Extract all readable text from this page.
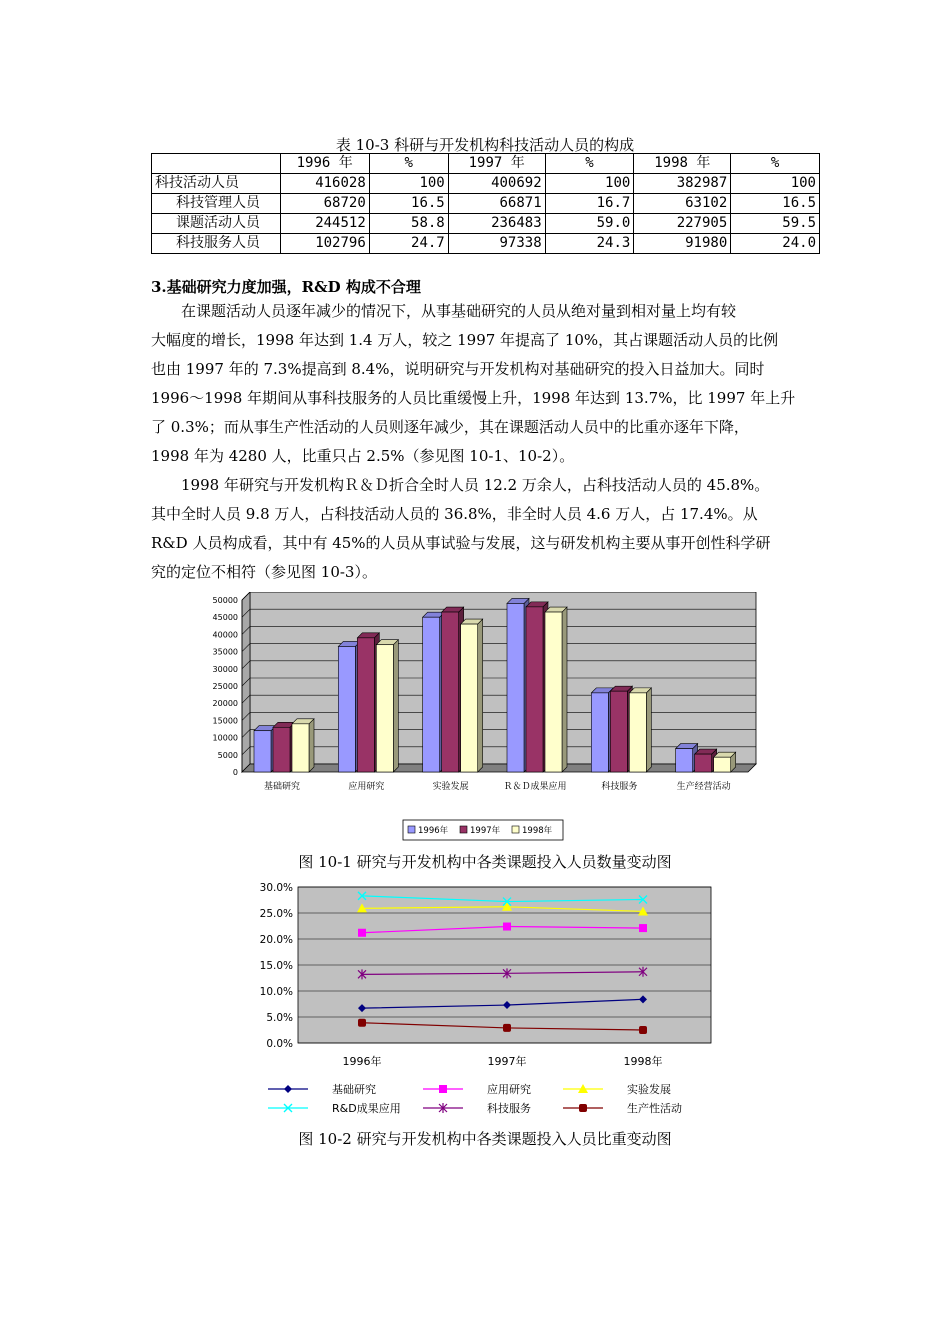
表 10-3 科研与开发机构科技活动人员的构成
	1996 年	%	1997 年	%	1998 年	%
科技活动人员	416028	100	400692	100	382987	100
科技管理人员	68720	16.5	66871	16.7	63102	16.5
课题活动人员	244512	58.8	236483	59.0	227905	59.5
科技服务人员	102796	24.7	97338	24.3	91980	24.0
3.基础研究力度加强，R&D 构成不合理
在课题活动人员逐年减少的情况下，从事基础研究的人员从绝对量到相对量上均有较
大幅度的增长，1998 年达到 1.4 万人，较之 1997 年提高了 10%，其占课题活动人员的比例
也由 1997 年的 7.3%提高到 8.4%，说明研究与开发机构对基础研究的投入日益加大。同时
1996～1998 年期间从事科技服务的人员比重缓慢上升，1998 年达到 13.7%，比 1997 年上升
了 0.3%；而从事生产性活动的人员则逐年减少，其在课题活动人员中的比重亦逐年下降，
1998 年为 4280 人，比重只占 2.5%（参见图 10-1、10-2）。
1998 年研究与开发机构Ｒ＆Ｄ折合全时人员 12.2 万余人，占科技活动人员的 45.8%。
其中全时人员 9.8 万人，占科技活动人员的 36.8%，非全时人员 4.6 万人，占 17.4%。从
R&D 人员构成看，其中有 45%的人员从事试验与发展，这与研发机构主要从事开创性科学研
究的定位不相符（参见图 10-3）。
0
5000
10000
15000
20000
25000
30000
35000
40000
45000
50000
基础研究	应用研究	实验发展	Ｒ＆Ｄ成果应用	科技服务	生产经营活动
1996年	1997年	1998年
图 10-1 研究与开发机构中各类课题投入人员数量变动图
0.0%
5.0%
10.0%
15.0%
20.0%
25.0%
30.0%
1996年	1997年	1998年
基础研究	应用研究	实验发展
R&D成果应用	科技服务	生产性活动
图 10-2 研究与开发机构中各类课题投入人员比重变动图
